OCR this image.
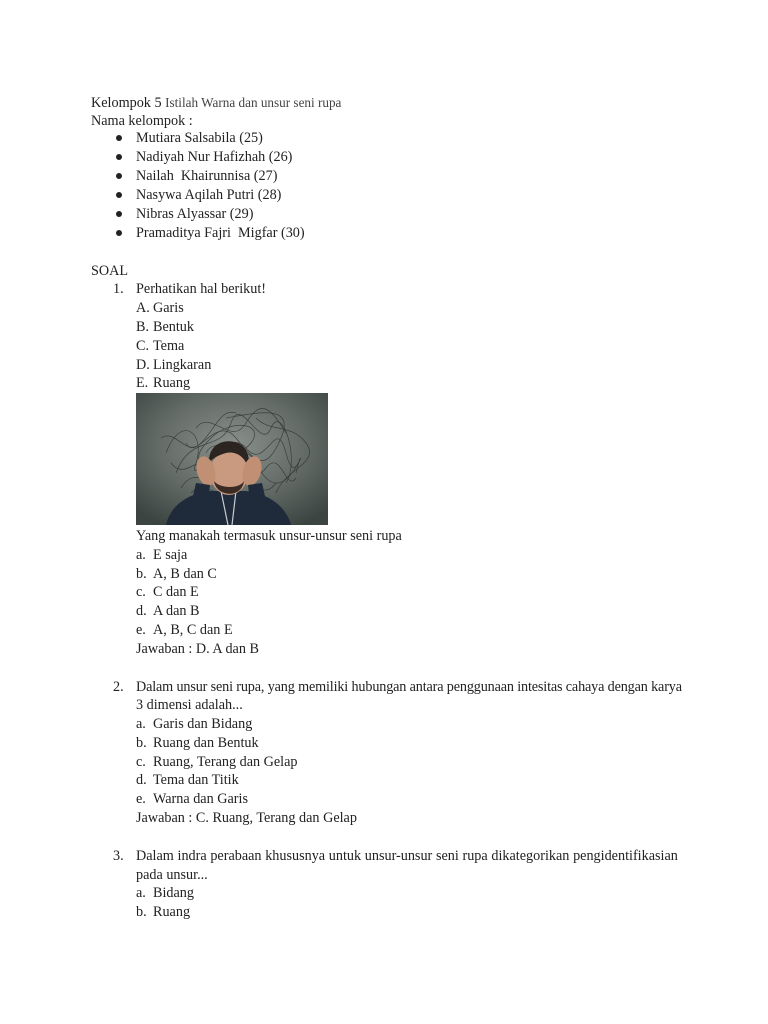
Kelompok 5 Istilah Warna dan unsur seni rupa
Nama kelompok :
Mutiara Salsabila (25)
Nadiyah Nur Hafizhah (26)
Nailah  Khairunnisa (27)
Nasywa Aqilah Putri (28)
Nibras Alyassar (29)
Pramaditya Fajri  Migfar (30)
SOAL
1. Perhatikan hal berikut!
A. Garis
B. Bentuk
C. Tema
D. Lingkaran
E. Ruang
Yang manakah termasuk unsur-unsur seni rupa
a. E saja
b. A, B dan C
c. C dan E
d. A dan B
e. A, B, C dan E
Jawaban : D. A dan B
2. Dalam unsur seni rupa, yang memiliki hubungan antara penggunaan intesitas cahaya dengan karya
3 dimensi adalah...
a. Garis dan Bidang
b. Ruang dan Bentuk
c. Ruang, Terang dan Gelap
d. Tema dan Titik
e. Warna dan Garis
Jawaban : C. Ruang, Terang dan Gelap
3. Dalam indra perabaan khususnya untuk unsur-unsur seni rupa dikategorikan pengidentifikasian
pada unsur...
a. Bidang
b. Ruang
